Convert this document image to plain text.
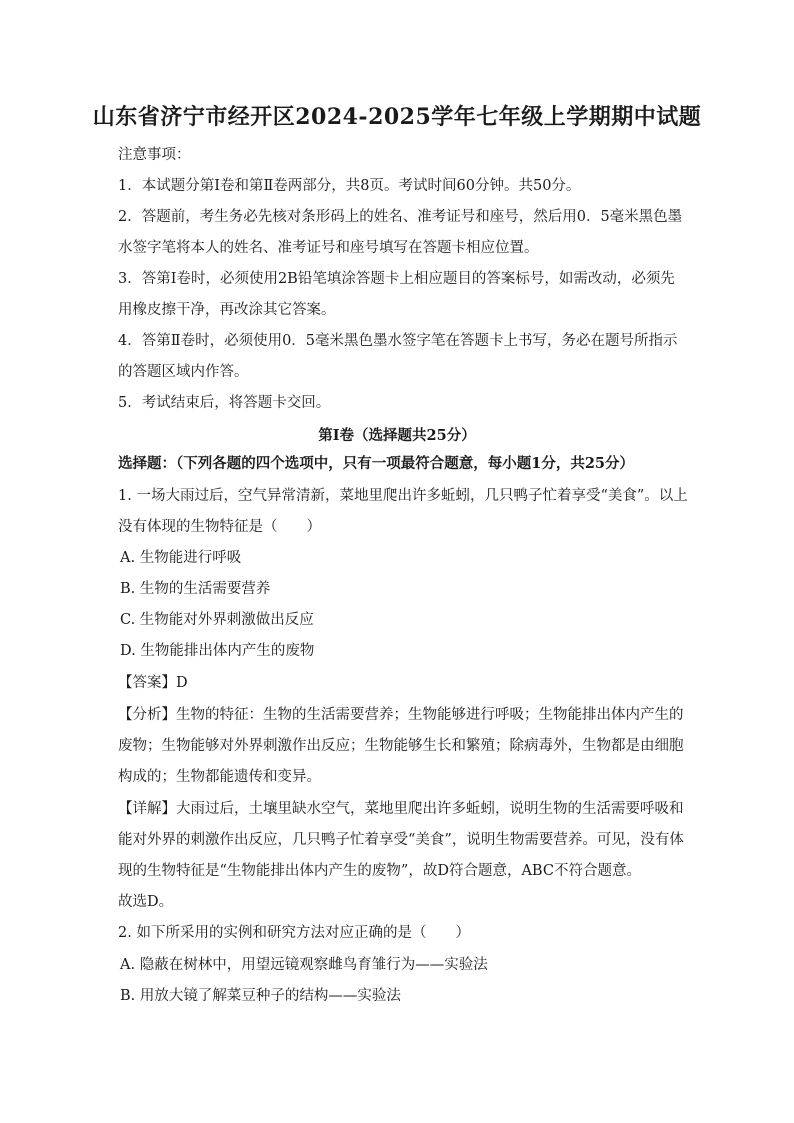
山东省济宁市经开区2024-2025学年七年级上学期期中试题
注意事项：
1．本试题分第Ⅰ卷和第Ⅱ卷两部分，共8页。考试时间60分钟。共50分。
2．答题前，考生务必先核对条形码上的姓名、准考证号和座号，然后用0．5毫米黑色墨
水签字笔将本人的姓名、准考证号和座号填写在答题卡相应位置。
3．答第Ⅰ卷时，必须使用2B铅笔填涂答题卡上相应题目的答案标号，如需改动，必须先
用橡皮擦干净，再改涂其它答案。
4．答第Ⅱ卷时，必须使用0．5毫米黑色墨水签字笔在答题卡上书写，务必在题号所指示
的答题区域内作答。
5．考试结束后，将答题卡交回。
第Ⅰ卷（选择题共25分）
选择题：（下列各题的四个选项中，只有一项最符合题意，每小题1分，共25分）
1. 一场大雨过后，空气异常清新，菜地里爬出许多蚯蚓，几只鸭子忙着享受“美食”。以上
没有体现的生物特征是（　　）
A. 生物能进行呼吸
B. 生物的生活需要营养
C. 生物能对外界刺激做出反应
D. 生物能排出体内产生的废物
【答案】D
【分析】生物的特征：生物的生活需要营养；生物能够进行呼吸；生物能排出体内产生的
废物；生物能够对外界刺激作出反应；生物能够生长和繁殖；除病毒外，生物都是由细胞
构成的；生物都能遗传和变异。
【详解】大雨过后，土壤里缺水空气，菜地里爬出许多蚯蚓，说明生物的生活需要呼吸和
能对外界的刺激作出反应，几只鸭子忙着享受“美食”，说明生物需要营养。可见，没有体
现的生物特征是“生物能排出体内产生的废物”，故D符合题意，ABC不符合题意。
故选D。
2. 如下所采用的实例和研究方法对应正确的是（　　）
A. 隐蔽在树林中，用望远镜观察雌鸟育雏行为——实验法
B. 用放大镜了解菜豆种子的结构——实验法
